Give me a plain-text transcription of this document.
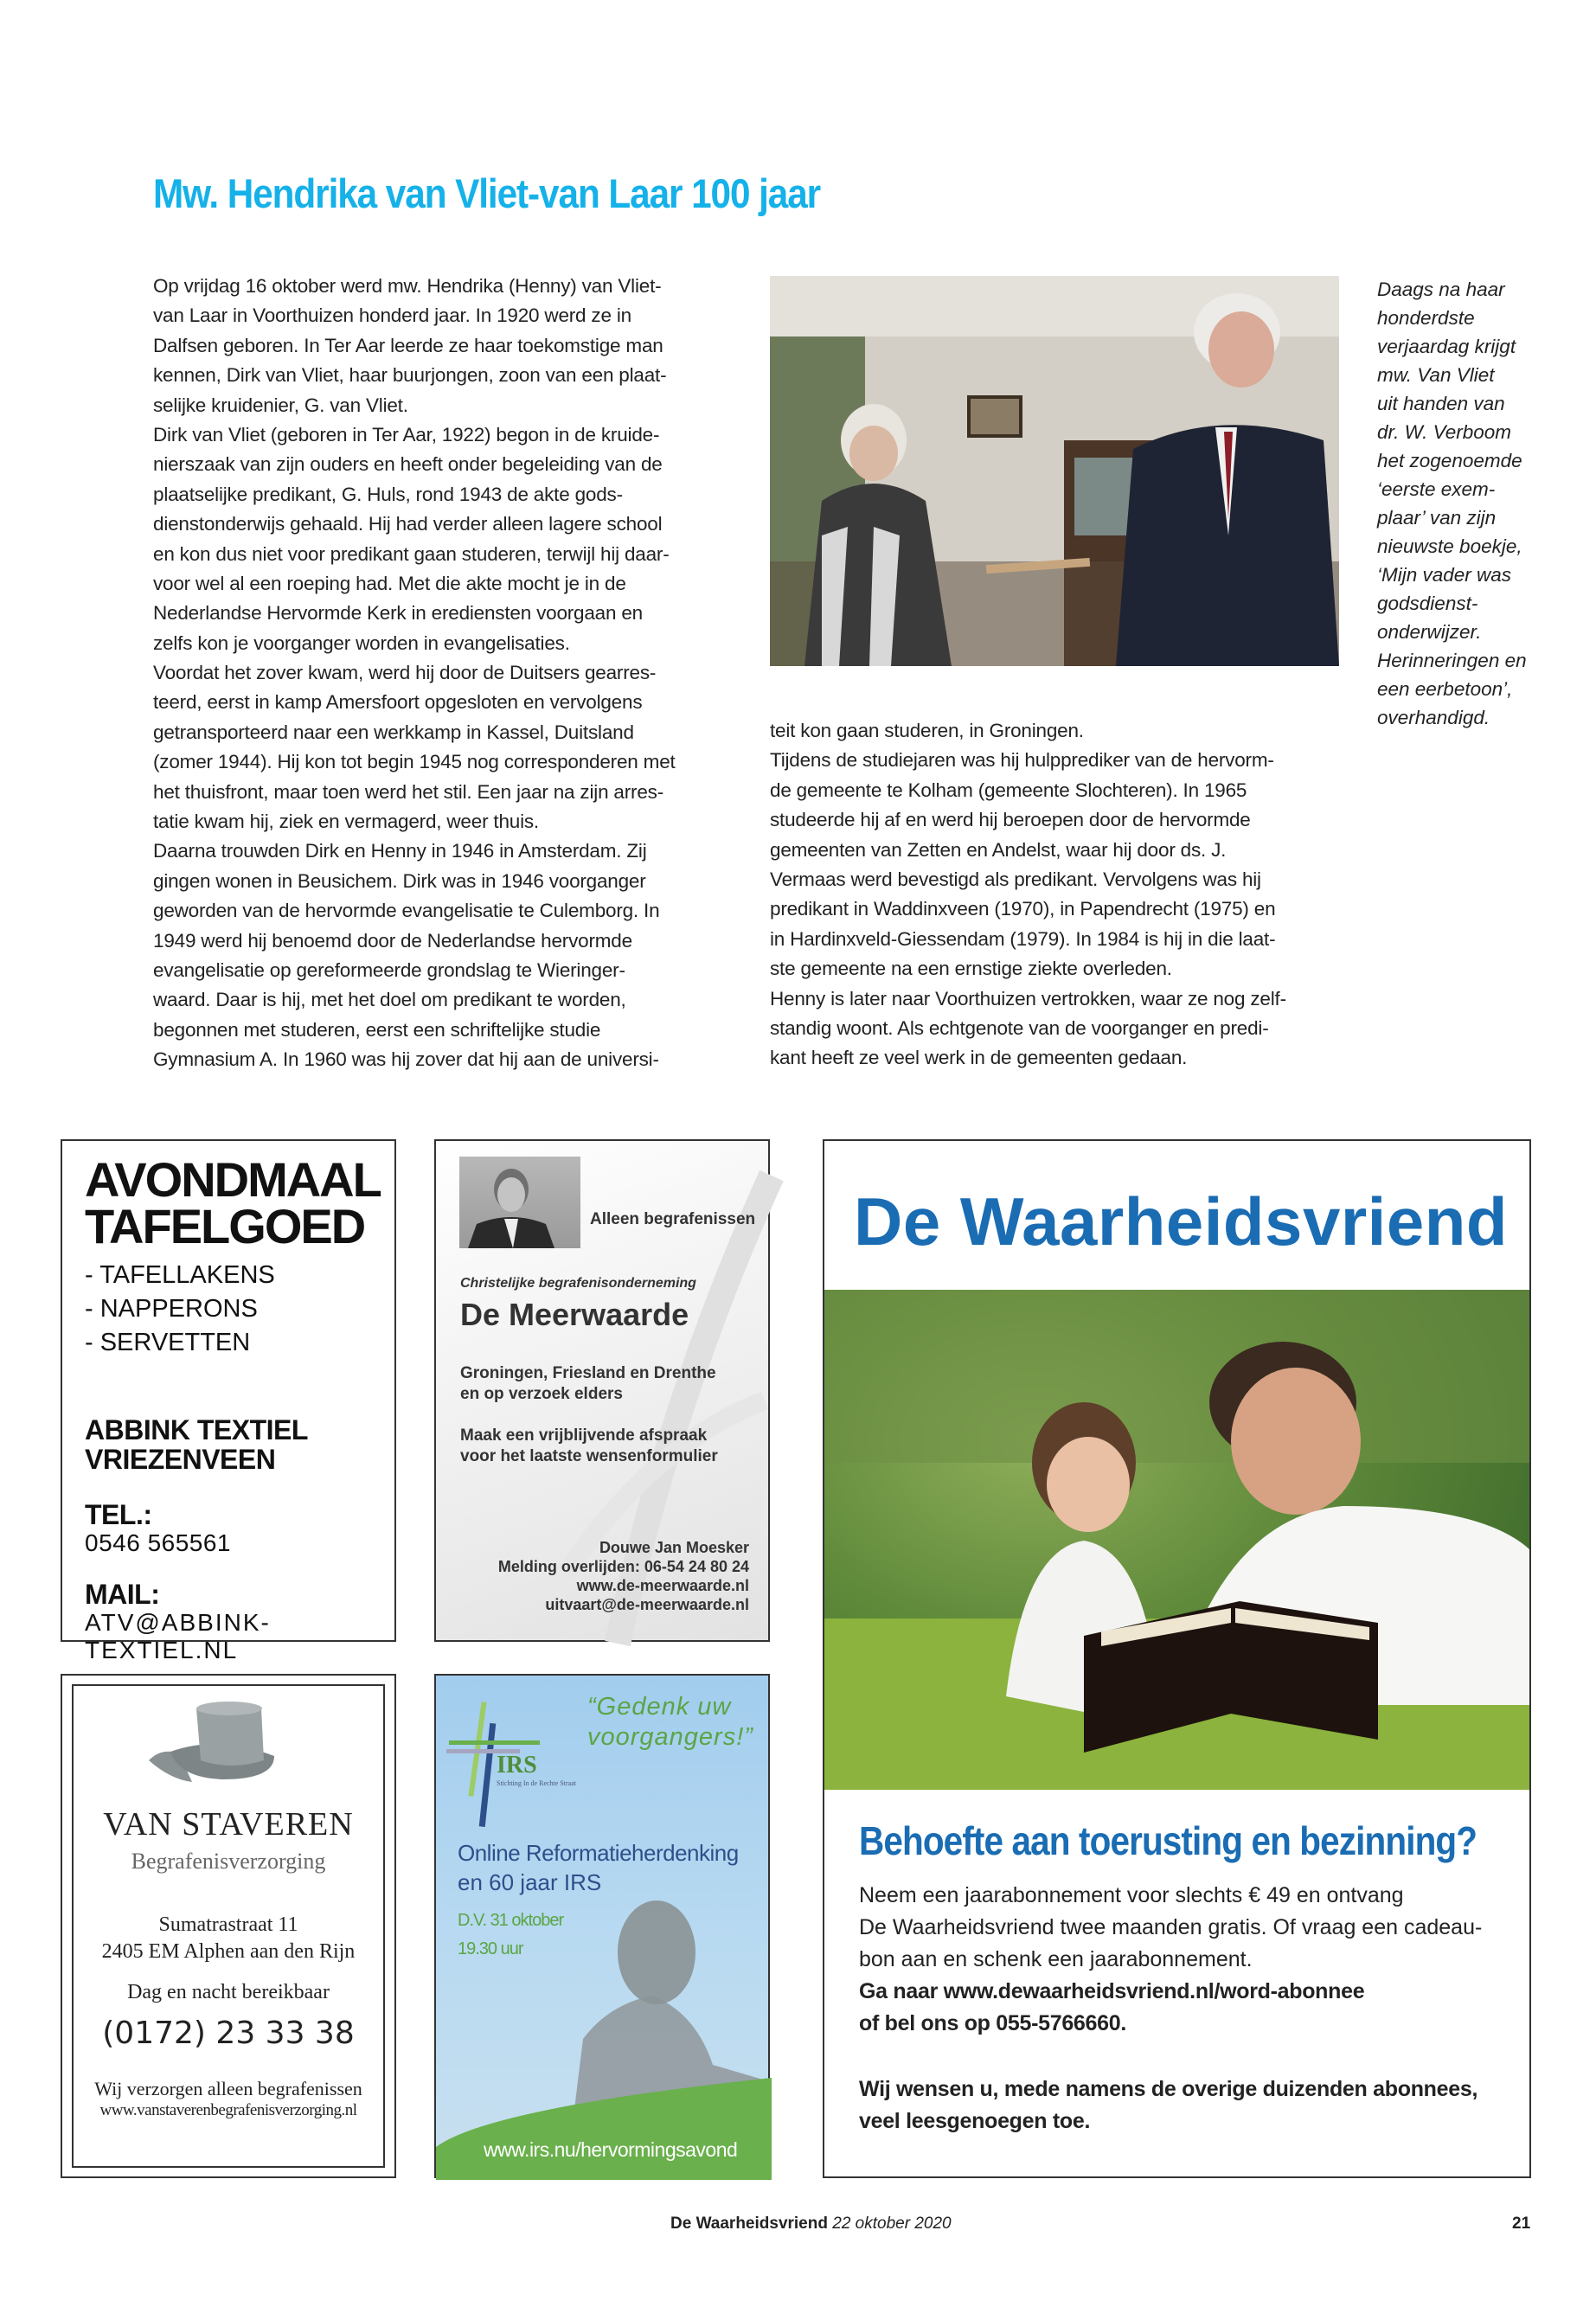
Mw. Hendrika van Vliet-van Laar 100 jaar
Op vrijdag 16 oktober werd mw. Hendrika (Henny) van Vliet-
van Laar in Voorthuizen honderd jaar. In 1920 werd ze in
Dalfsen geboren. In Ter Aar leerde ze haar toekomstige man
kennen, Dirk van Vliet, haar buurjongen, zoon van een plaat-
selijke kruidenier, G. van Vliet.
Dirk van Vliet (geboren in Ter Aar, 1922) begon in de kruide-
nierszaak van zijn ouders en heeft onder begeleiding van de
plaatselijke predikant, G. Huls, rond 1943 de akte gods-
dienstonderwijs gehaald. Hij had verder alleen lagere school
en kon dus niet voor predikant gaan studeren, terwijl hij daar-
voor wel al een roeping had. Met die akte mocht je in de
Nederlandse Hervormde Kerk in erediensten voorgaan en
zelfs kon je voorganger worden in evangelisaties.
Voordat het zover kwam, werd hij door de Duitsers gearres-
teerd, eerst in kamp Amersfoort opgesloten en vervolgens
getransporteerd naar een werkkamp in Kassel, Duitsland
(zomer 1944). Hij kon tot begin 1945 nog corresponderen met
het thuisfront, maar toen werd het stil. Een jaar na zijn arres-
tatie kwam hij, ziek en vermagerd, weer thuis.
Daarna trouwden Dirk en Henny in 1946 in Amsterdam. Zij
gingen wonen in Beusichem. Dirk was in 1946 voorganger
geworden van de hervormde evangelisatie te Culemborg. In
1949 werd hij benoemd door de Nederlandse hervormde
evangelisatie op gereformeerde grondslag te Wieringer-
waard. Daar is hij, met het doel om predikant te worden,
begonnen met studeren, eerst een schriftelijke studie
Gymnasium A. In 1960 was hij zover dat hij aan de universi-
Daags na haar
honderdste
verjaardag krijgt
mw. Van Vliet
uit handen van
dr. W. Verboom
het zogenoemde
‘eerste exem-
plaar’ van zijn
nieuwste boekje,
‘Mijn vader was
godsdienst-
onderwijzer.
Herinneringen en
een eerbetoon’,
overhandigd.
teit kon gaan studeren, in Groningen.
Tijdens de studiejaren was hij hulpprediker van de hervorm-
de gemeente te Kolham (gemeente Slochteren). In 1965
studeerde hij af en werd hij beroepen door de hervormde
gemeenten van Zetten en Andelst, waar hij door ds. J.
Vermaas werd bevestigd als predikant. Vervolgens was hij
predikant in Waddinxveen (1970), in Papendrecht (1975) en
in Hardinxveld-Giessendam (1979). In 1984 is hij in die laat-
ste gemeente na een ernstige ziekte overleden.
Henny is later naar Voorthuizen vertrokken, waar ze nog zelf-
standig woont. Als echtgenote van de voorganger en predi-
kant heeft ze veel werk in de gemeenten gedaan.
AVONDMAAL
TAFELGOED
- TAFELLAKENS
- NAPPERONS
- SERVETTEN
ABBINK TEXTIEL
VRIEZENVEEN
TEL.:
0546 565561
MAIL:
ATV@ABBINK-TEXTIEL.NL
Alleen begrafenissen
Christelijke begrafenisonderneming
De Meerwaarde
Groningen, Friesland en Drenthe
en op verzoek elders
Maak een vrijblijvende afspraak
voor het laatste wensenformulier
Douwe Jan Moesker
Melding overlijden: 06-54 24 80 24
www.de-meerwaarde.nl
uitvaart@de-meerwaarde.nl
VAN STAVEREN
Begrafenisverzorging
Sumatrastraat 11
2405 EM Alphen aan den Rijn
Dag en nacht bereikbaar
(0172) 23 33 38
Wij verzorgen alleen begrafenissen
www.vanstaverenbegrafenisverzorging.nl
IRS
Stichting In de Rechte Straat
“Gedenk uw
voorgangers!”
Online Reformatieherdenking
en 60 jaar IRS
D.V. 31 oktober
19.30 uur
www.irs.nu/hervormingsavond
De Waarheidsvriend
Behoefte aan toerusting en bezinning?
Neem een jaarabonnement voor slechts € 49 en ontvang
De Waarheidsvriend twee maanden gratis. Of vraag een cadeau-
bon aan en schenk een jaarabonnement.
Ga naar www.dewaarheidsvriend.nl/word-abonnee
of bel ons op 055-5766660.
Wij wensen u, mede namens de overige duizenden abonnees,
veel leesgenoegen toe.
De Waarheidsvriend 22 oktober 2020	21
